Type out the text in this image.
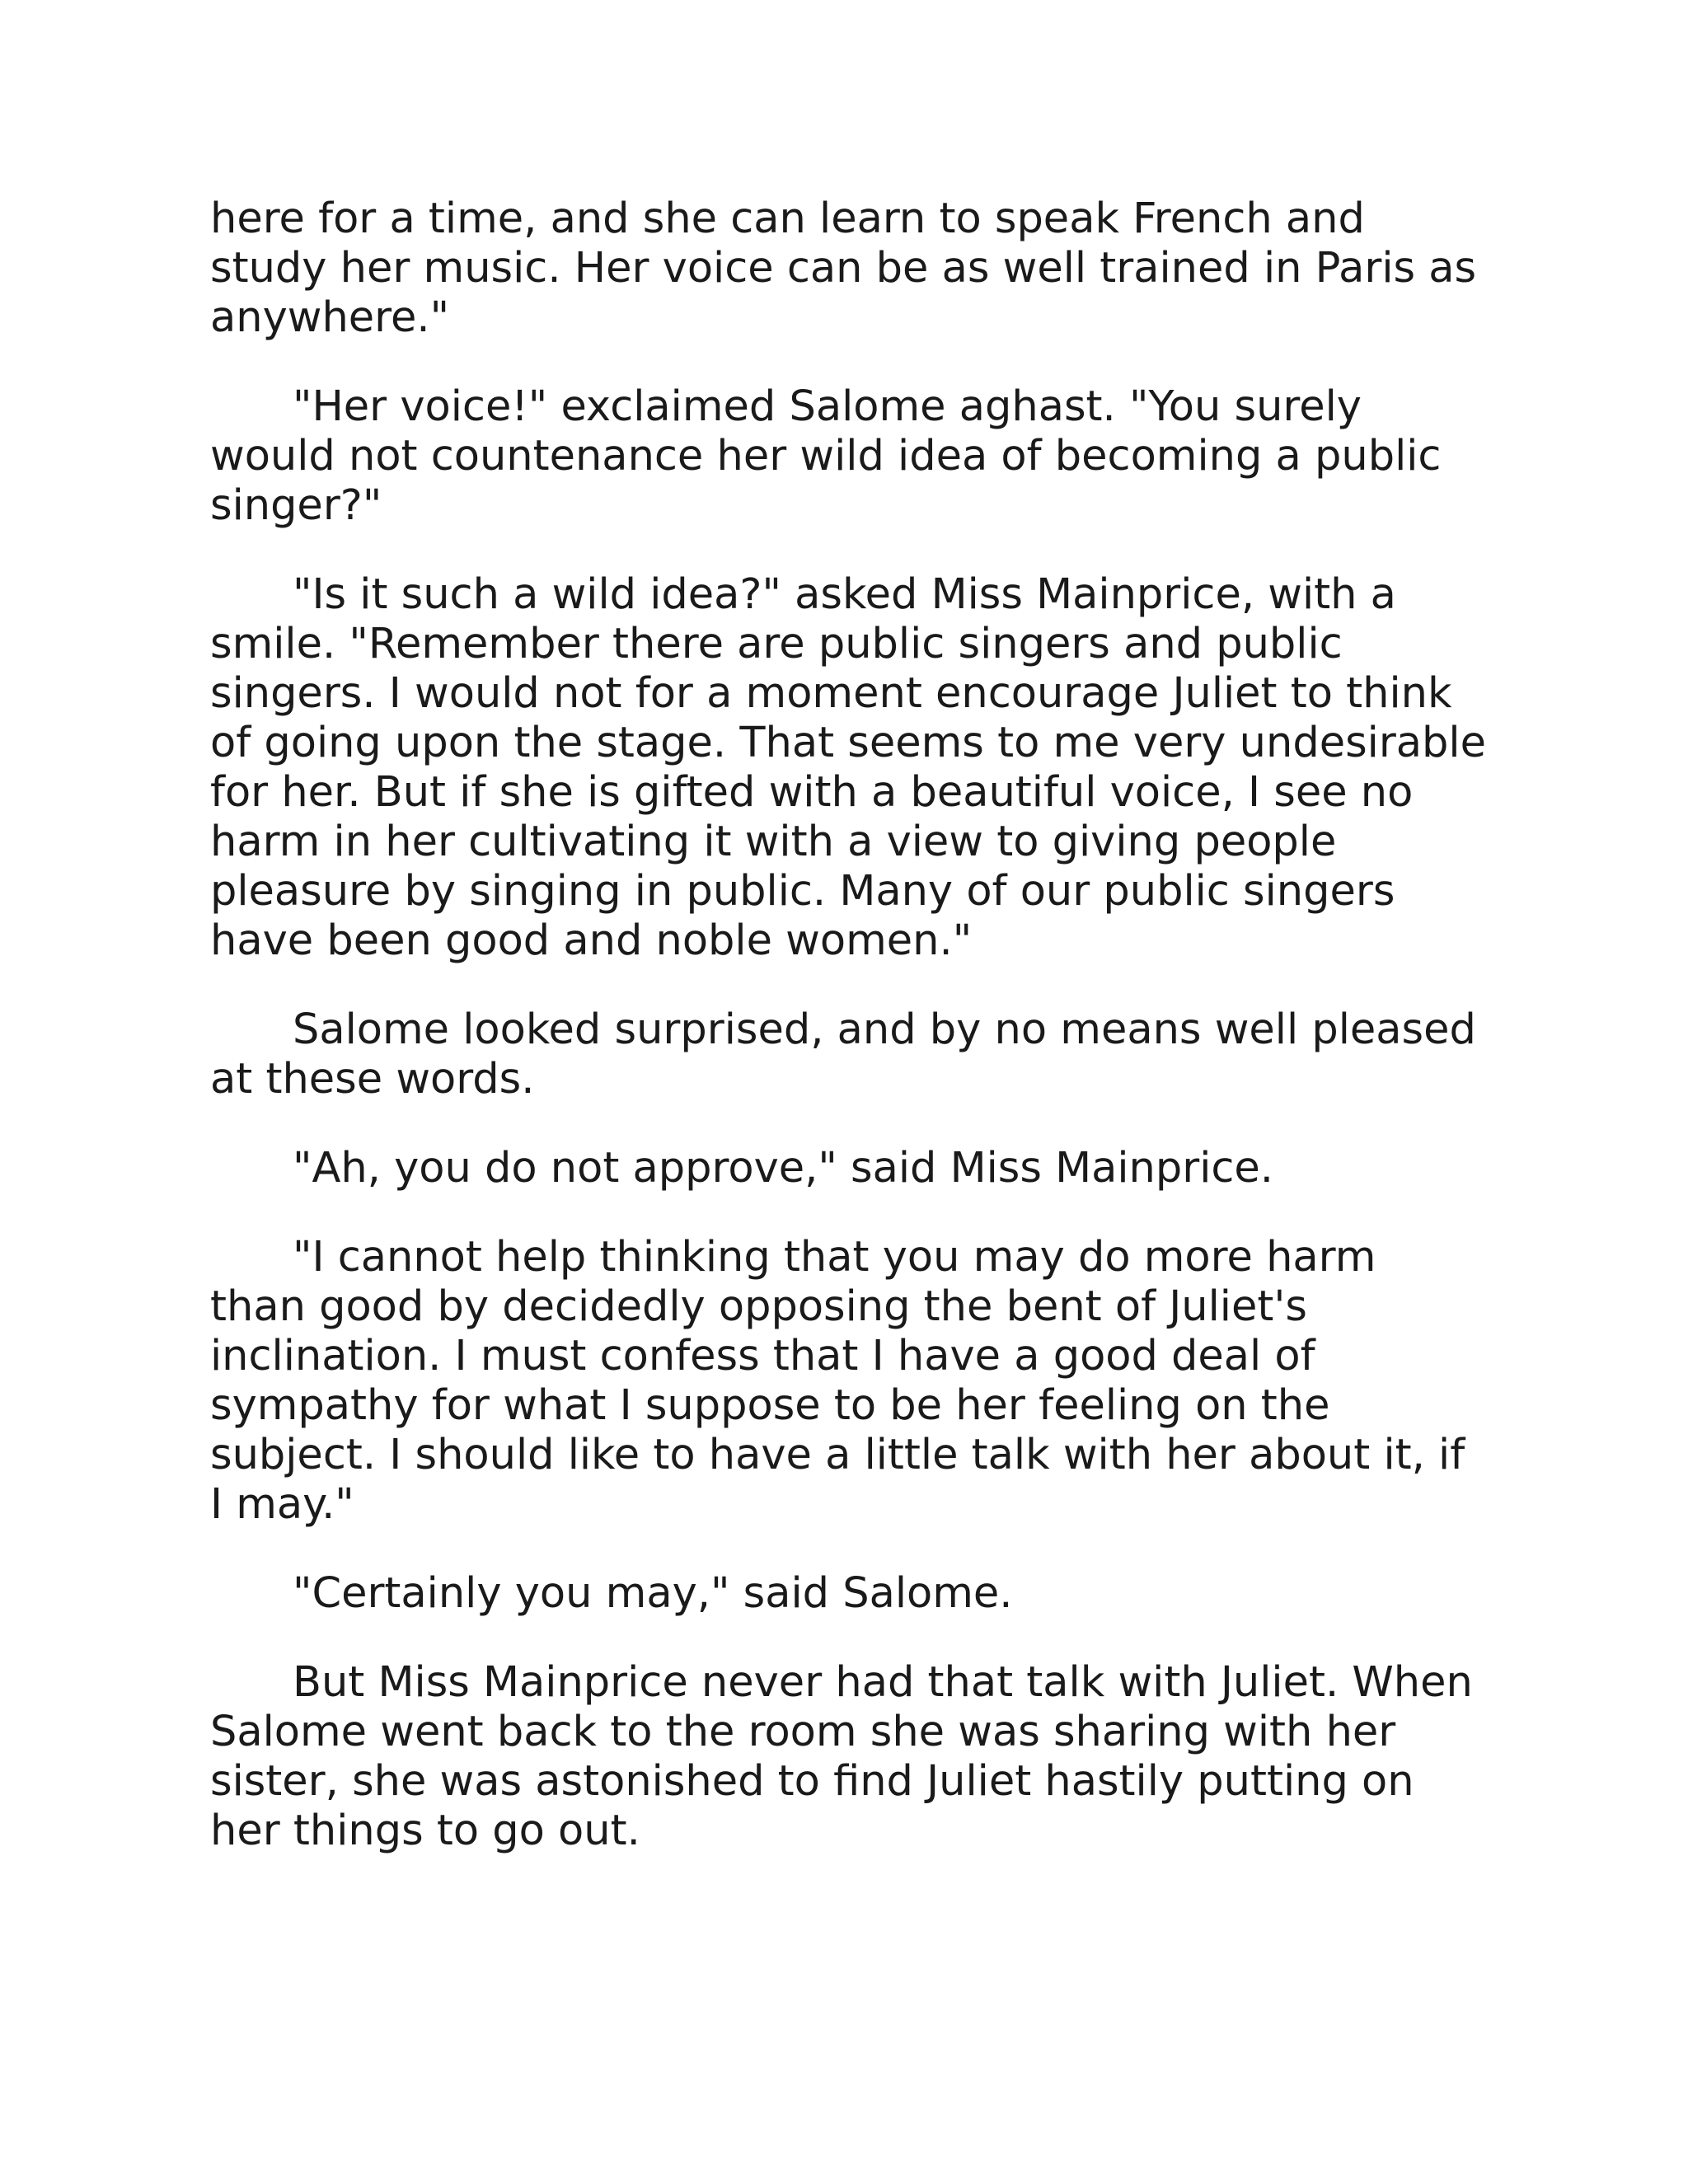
here for a time, and she can learn to speak French and
study her music. Her voice can be as well trained in Paris as
anywhere."

"Her voice!" exclaimed Salome aghast. "You surely
would not countenance her wild idea of becoming a public
singer?"

"Is it such a wild idea?" asked Miss Mainprice, with a
smile. "Remember there are public singers and public
singers. I would not for a moment encourage Juliet to think
of going upon the stage. That seems to me very undesirable
for her. But if she is gifted with a beautiful voice, I see no
harm in her cultivating it with a view to giving people
pleasure by singing in public. Many of our public singers
have been good and noble women."

Salome looked surprised, and by no means well pleased
at these words.

"Ah, you do not approve," said Miss Mainprice.

"I cannot help thinking that you may do more harm
than good by decidedly opposing the bent of Juliet's
inclination. I must confess that I have a good deal of
sympathy for what I suppose to be her feeling on the
subject. I should like to have a little talk with her about it, if
I may."

"Certainly you may," said Salome.

But Miss Mainprice never had that talk with Juliet. When
Salome went back to the room she was sharing with her
sister, she was astonished to find Juliet hastily putting on
her things to go out.
